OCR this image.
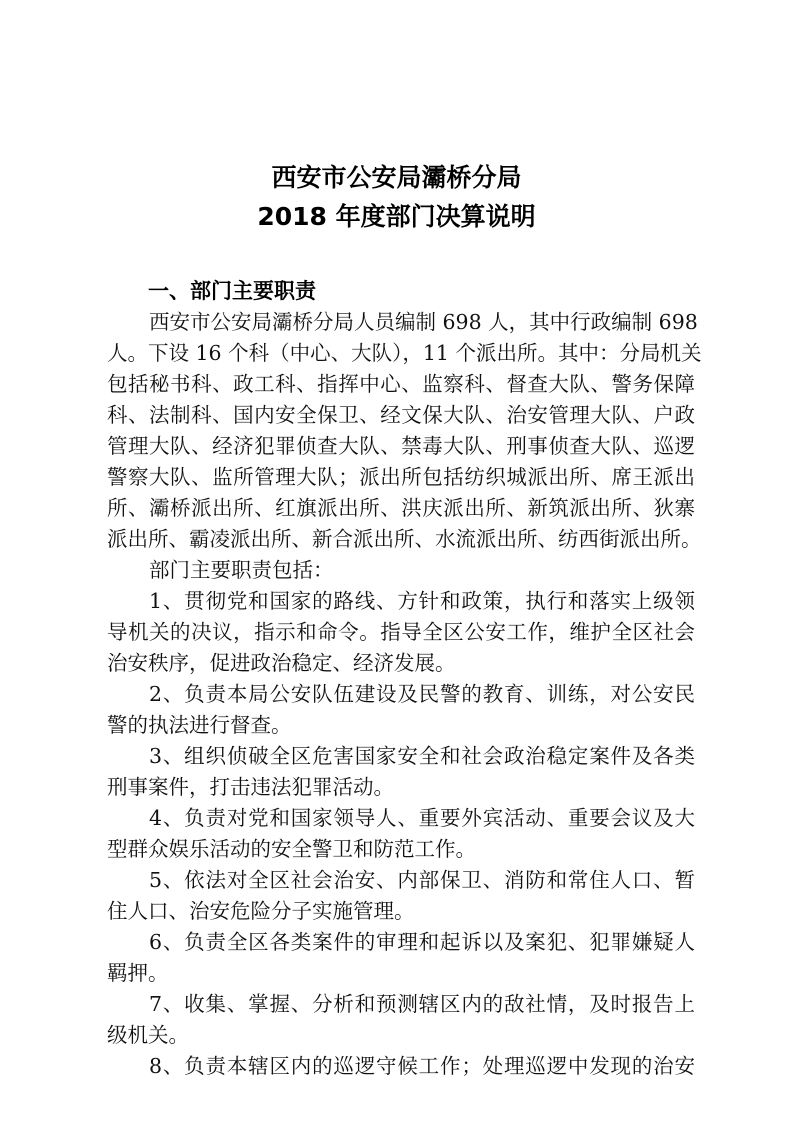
西安市公安局灞桥分局
2018 年度部门决算说明
一、部门主要职责
西安市公安局灞桥分局人员编制 698 人，其中行政编制 698
人。下设 16 个科（中心、大队），11 个派出所。其中：分局机关
包括秘书科、政工科、指挥中心、监察科、督查大队、警务保障
科、法制科、国内安全保卫、经文保大队、治安管理大队、户政
管理大队、经济犯罪侦查大队、禁毒大队、刑事侦查大队、巡逻
警察大队、监所管理大队；派出所包括纺织城派出所、席王派出
所、灞桥派出所、红旗派出所、洪庆派出所、新筑派出所、狄寨
派出所、霸凌派出所、新合派出所、水流派出所、纺西街派出所。
部门主要职责包括：
1、贯彻党和国家的路线、方针和政策，执行和落实上级领
导机关的决议，指示和命令。指导全区公安工作，维护全区社会
治安秩序，促进政治稳定、经济发展。
2、负责本局公安队伍建设及民警的教育、训练，对公安民
警的执法进行督查。
3、组织侦破全区危害国家安全和社会政治稳定案件及各类
刑事案件，打击违法犯罪活动。
4、负责对党和国家领导人、重要外宾活动、重要会议及大
型群众娱乐活动的安全警卫和防范工作。
5、依法对全区社会治安、内部保卫、消防和常住人口、暂
住人口、治安危险分子实施管理。
6、负责全区各类案件的审理和起诉以及案犯、犯罪嫌疑人
羁押。
7、收集、掌握、分析和预测辖区内的敌社情，及时报告上
级机关。
8、负责本辖区内的巡逻守候工作；处理巡逻中发现的治安
